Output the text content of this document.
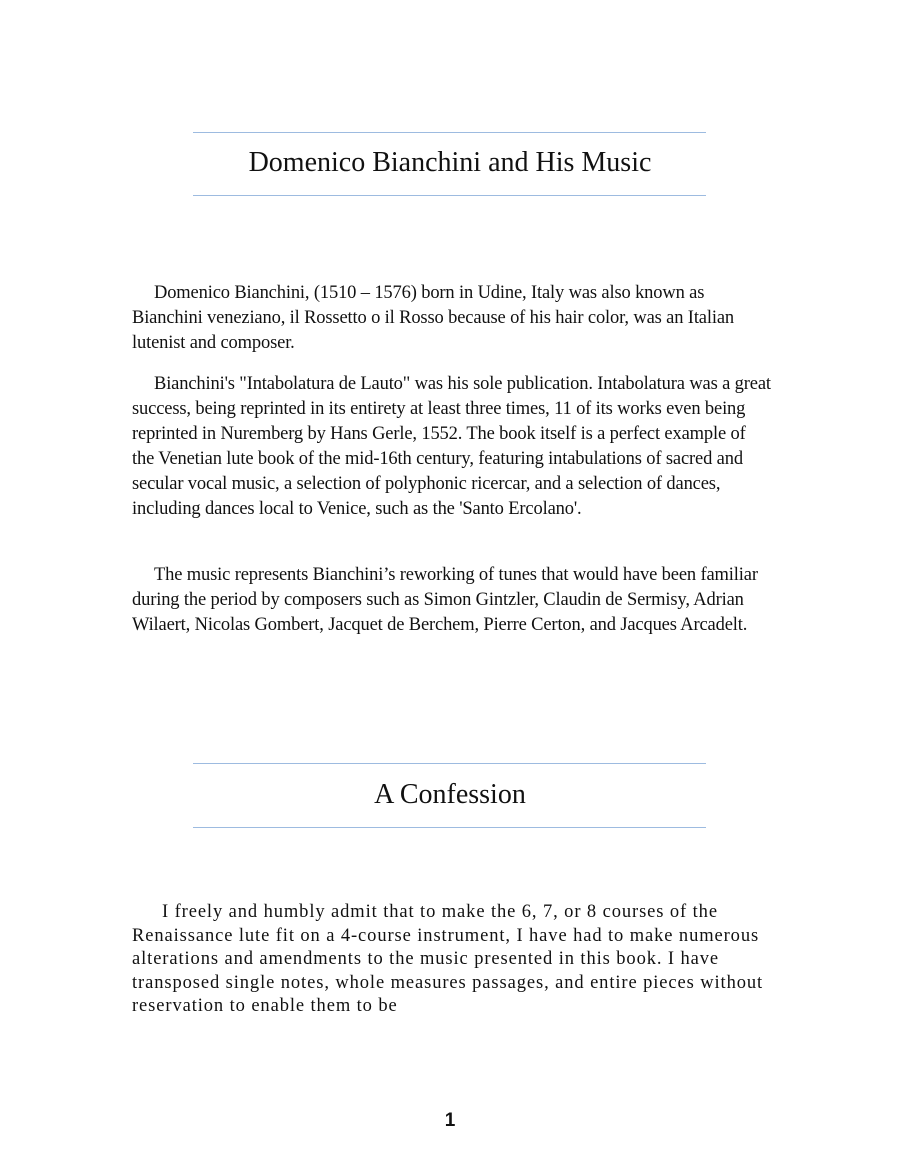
Domenico Bianchini and His Music

Domenico Bianchini, (1510 – 1576) born in Udine, Italy was also known as Bianchini veneziano, il Rossetto o il Rosso because of his hair color, was an Italian lutenist and composer.

Bianchini's "Intabolatura de Lauto" was his sole publication. Intabolatura was a great success, being reprinted in its entirety at least three times, 11 of its works even being reprinted in Nuremberg by Hans Gerle, 1552. The book itself is a perfect example of the Venetian lute book of the mid-16th century, featuring intabulations of sacred and secular vocal music, a selection of polyphonic ricercar, and a selection of dances, including dances local to Venice, such as the 'Santo Ercolano'.

The music represents Bianchini’s reworking of tunes that would have been familiar during the period by composers such as Simon Gintzler, Claudin de Sermisy, Adrian Wilaert, Nicolas Gombert, Jacquet de Berchem, Pierre Certon, and Jacques Arcadelt.

A Confession

I freely and humbly admit that to make the 6, 7, or 8 courses of the Renaissance lute fit on a 4-course instrument, I have had to make numerous alterations and amendments to the music presented in this book. I have transposed single notes, whole measures passages, and entire pieces without reservation to enable them to be

1
